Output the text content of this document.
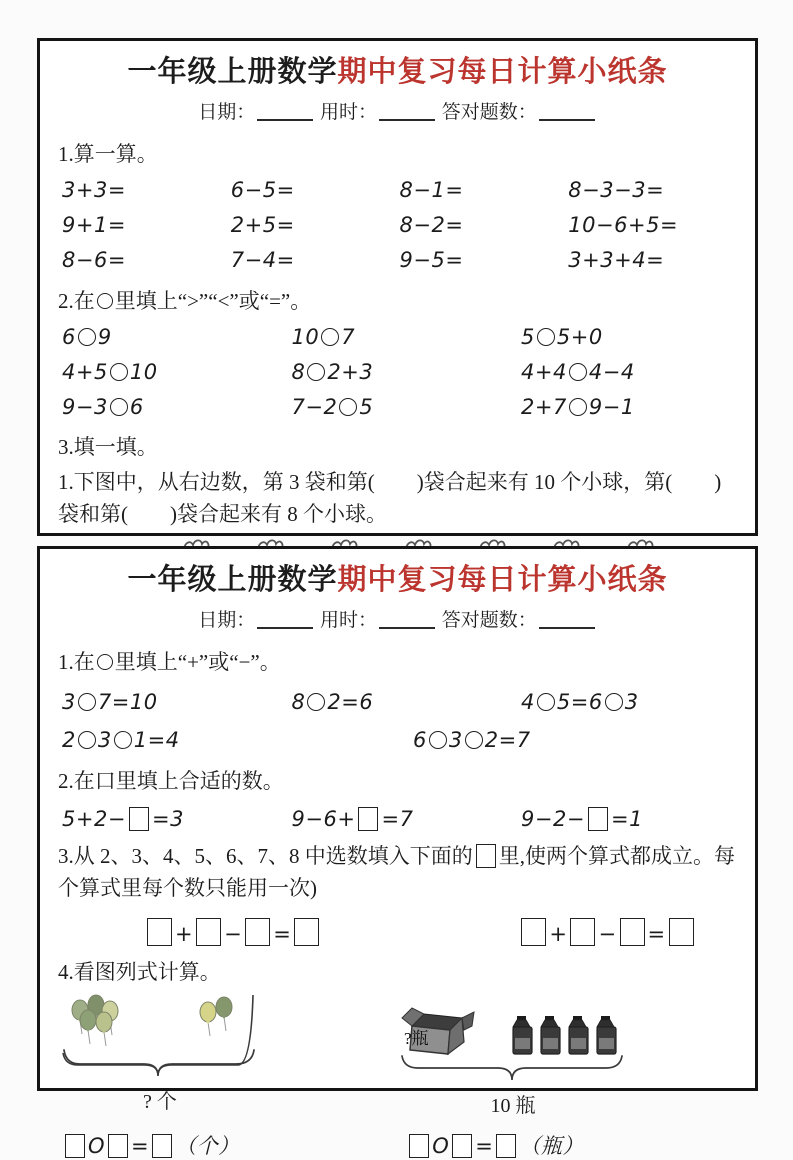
一年级上册数学期中复习每日计算小纸条
日期：	用时：	答对题数：
1.算一算。
3+3=	6−5=	8−1=	8−3−3=
9+1=	2+5=	8−2=	10−6+5=
8−6=	7−4=	9−5=	3+3+4=
2.在 里填上“>”“<”或“=”。
6 9	10 7	5 5+0
4+5 10	8 2+3	4+4 4−4
9−3 6	7−2 5	2+7 9−1
3.填一填。
1.下图中，从右边数，第 3 袋和第(　　)袋合起来有 10 个小球，第(　　)袋和第(　　)袋合起来有 8 个小球。
一年级上册数学期中复习每日计算小纸条
日期：	用时：	答对题数：
1.在 里填上“+”或“−”。
3 7=10	8 2=6	4 5=6 3
2 3 1=4	6 3 2=7
2.在口里填上合适的数。
5+2− =3	9−6+ =7	9−2− =1
3.从 2、3、4、5、6、7、8 中选数填入下面的 里,使两个算式都成立。每个算式里每个数只能用一次)
+ − =	+ − =
4.看图列式计算。
? 个
?瓶
10 瓶
O = （个）	O = （瓶）
